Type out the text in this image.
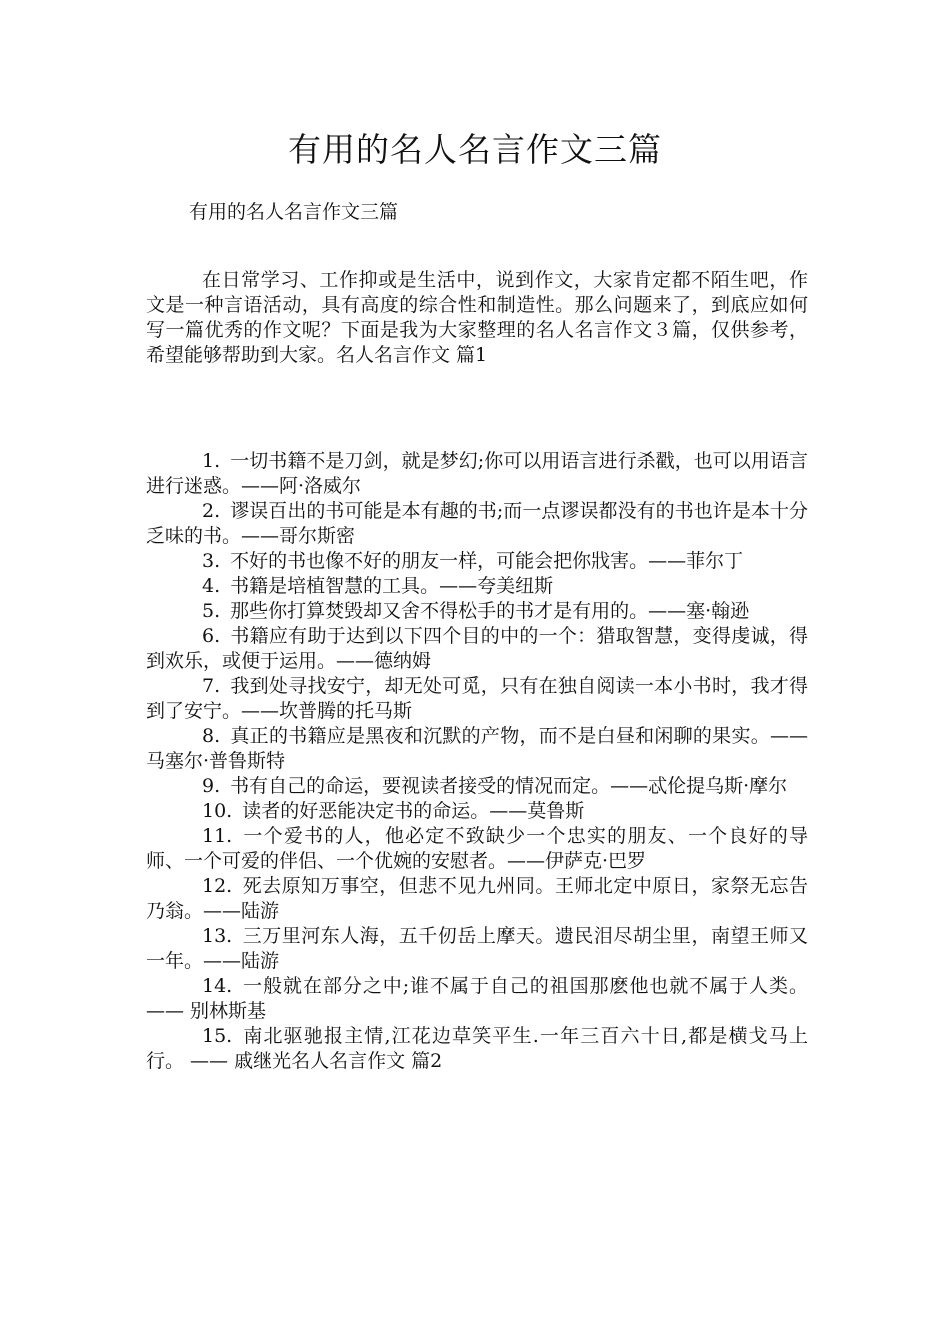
有用的名人名言作文三篇
有用的名人名言作文三篇

在日常学习、工作抑或是生活中，说到作文，大家肯定都不陌生吧，作文是一种言语活动，具有高度的综合性和制造性。那么问题来了，到底应如何写一篇优秀的作文呢？下面是我为大家整理的名人名言作文３篇，仅供参考，希望能够帮助到大家。名人名言作文 篇1

1. 一切书籍不是刀剑，就是梦幻;你可以用语言进行杀戳，也可以用语言进行迷惑。——阿·洛威尔
2. 谬误百出的书可能是本有趣的书;而一点谬误都没有的书也许是本十分乏味的书。——哥尔斯密
3. 不好的书也像不好的朋友一样，可能会把你戕害。——菲尔丁
4. 书籍是培植智慧的工具。——夸美纽斯
5. 那些你打算焚毁却又舍不得松手的书才是有用的。——塞·翰逊
6. 书籍应有助于达到以下四个目的中的一个：猎取智慧，变得虔诚，得到欢乐，或便于运用。——德纳姆
7. 我到处寻找安宁，却无处可觅，只有在独自阅读一本小书时，我才得到了安宁。——坎普腾的托马斯
8. 真正的书籍应是黑夜和沉默的产物，而不是白昼和闲聊的果实。——马塞尔·普鲁斯特
9. 书有自己的命运，要视读者接受的情况而定。——忒伦提乌斯·摩尔
10. 读者的好恶能决定书的命运。——莫鲁斯
11. 一个爱书的人，他必定不致缺少一个忠实的朋友、一个良好的导师、一个可爱的伴侣、一个优婉的安慰者。——伊萨克·巴罗
12. 死去原知万事空，但悲不见九州同。王师北定中原日，家祭无忘告乃翁。——陆游
13. 三万里河东人海，五千仞岳上摩天。遗民泪尽胡尘里，南望王师又一年。——陆游
14. 一般就在部分之中;谁不属于自己的祖国那麽他也就不属于人类。 —— 别林斯基
15. 南北驱驰报主情,江花边草笑平生.一年三百六十日,都是横戈马上行。 —— 戚继光名人名言作文 篇2
